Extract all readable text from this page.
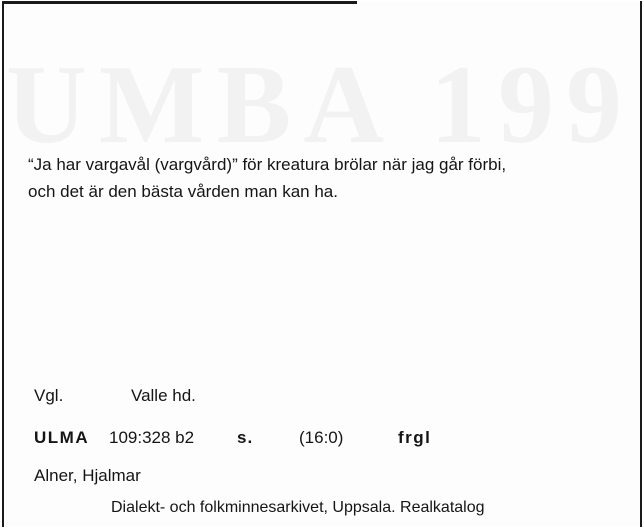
“Ja har vargavål (vargvård)” för kreatura brölar när jag går förbi,
och det är den bästa vården man kan ha.

Vgl.	Valle hd.
ULMA 109:328 b2	s.	(16:0)	frgl
Alner, Hjalmar
Dialekt- och folkminnesarkivet, Uppsala. Realkatalog
